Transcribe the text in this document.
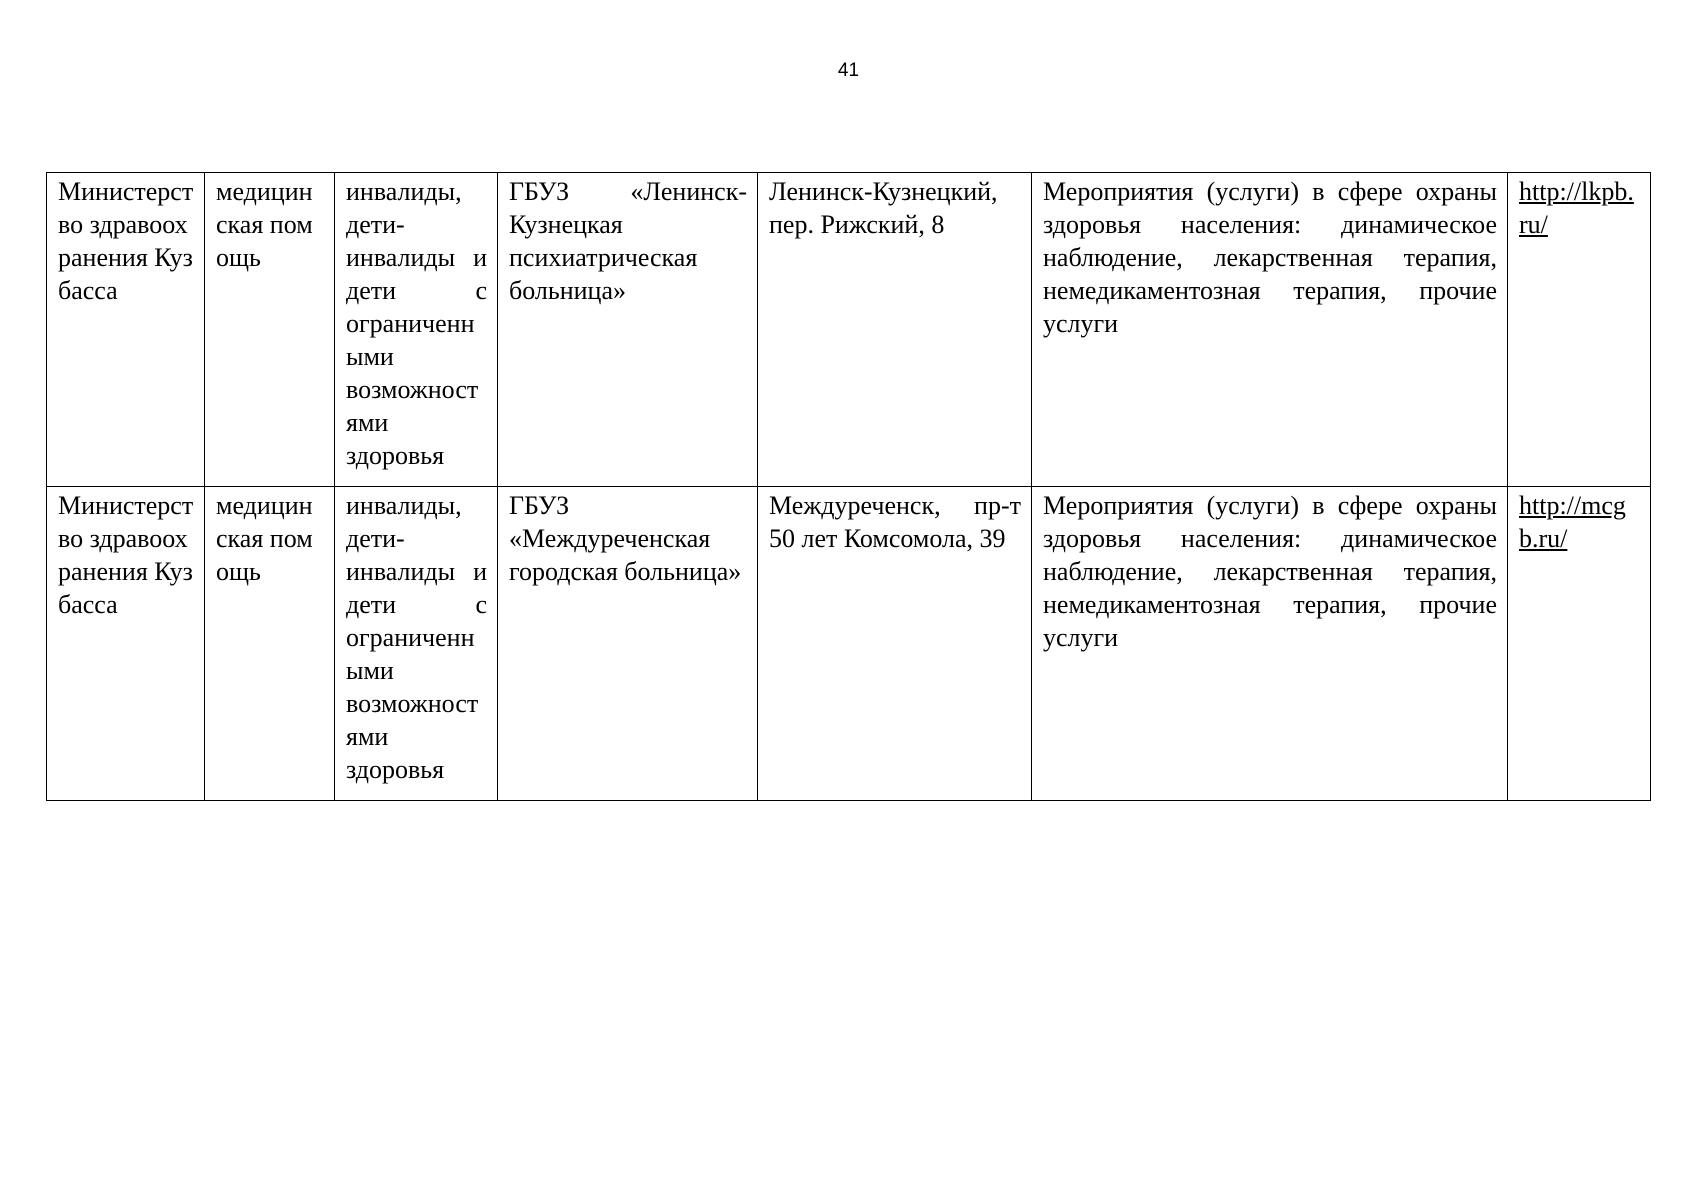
41
Министерство здравоохранения Кузбасса	медицинская помощь	инвалиды, дети-инвалиды и дети с ограниченными возможностями здоровья	ГБУЗ «Ленинск-Кузнецкая психиатрическая больница»	Ленинск-Кузнецкий, пер. Рижский, 8	Мероприятия (услуги) в сфере охраны здоровья населения: динамическое наблюдение, лекарственная терапия, немедикаментозная терапия, прочие услуги	http://lkpb.ru/
Министерство здравоохранения Кузбасса	медицинская помощь	инвалиды, дети-инвалиды и дети с ограниченными возможностями здоровья	ГБУЗ «Междуреченская городская больница»	Междуреченск, пр-т 50 лет Комсомола, 39	Мероприятия (услуги) в сфере охраны здоровья населения: динамическое наблюдение, лекарственная терапия, немедикаментозная терапия, прочие услуги	http://mcgb.ru/
